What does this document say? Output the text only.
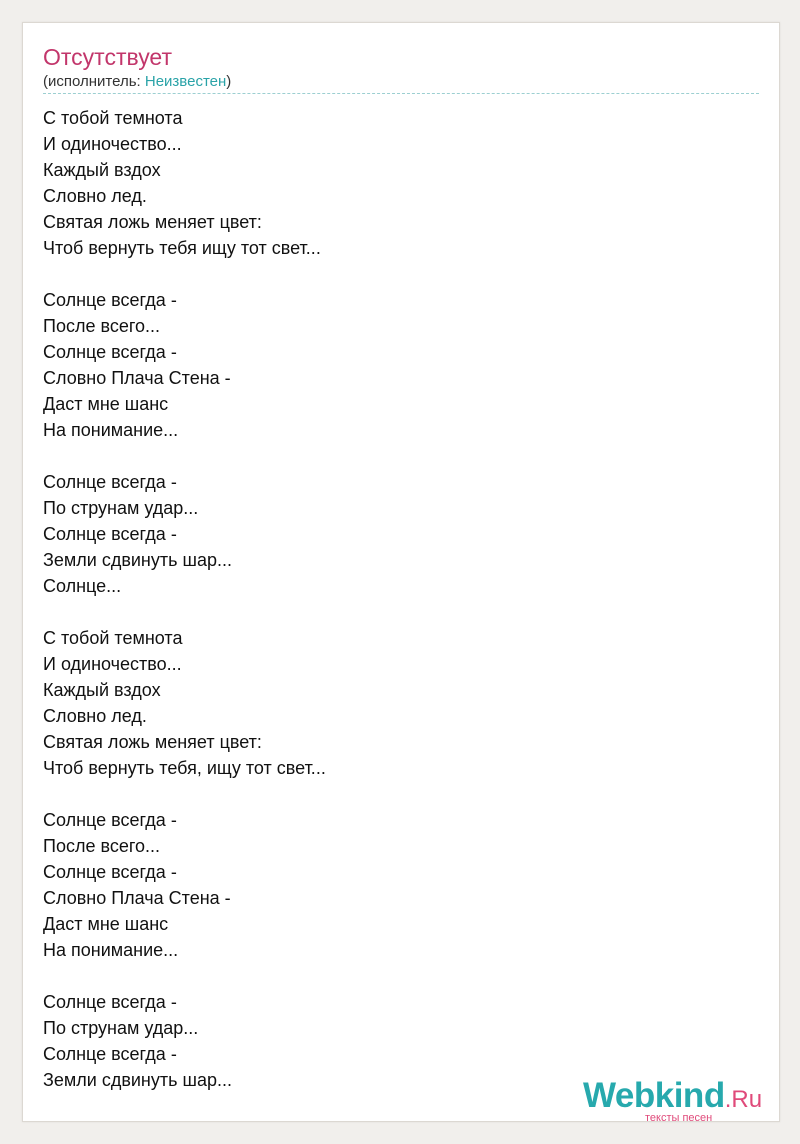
Отсутствует
(исполнитель: Неизвестен)
С тобой темнота
И одиночество...
Каждый вздох
Словно лед.
Святая ложь меняет цвет:
Чтоб вернуть тебя ищу тот свет...
Солнце всегда -
После всего...
Солнце всегда -
Словно Плача Стена -
Даст мне шанс
На понимание...
Солнце всегда -
По струнам удар...
Солнце всегда -
Земли сдвинуть шар...
Солнце...
С тобой темнота
И одиночество...
Каждый вздох
Словно лед.
Святая ложь меняет цвет:
Чтоб вернуть тебя, ищу тот свет...
Солнце всегда -
После всего...
Солнце всегда -
Словно Плача Стена -
Даст мне шанс
На понимание...
Солнце всегда -
По струнам удар...
Солнце всегда -
Земли сдвинуть шар...	Webkind.Ru
тексты песен
